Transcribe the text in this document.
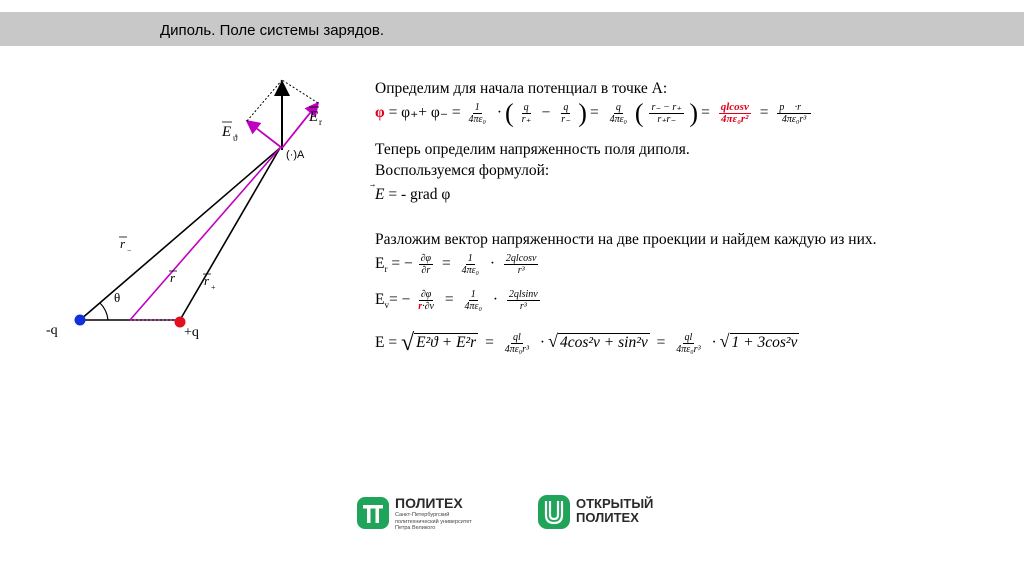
Диполь. Поле системы зарядов.
E ϑ
E r
(·)A
r −
r r +
θ
-q	+q
Определим для начала потенциал в точке А:
$\varphi = \varphi_++ \varphi_- = \frac{1}{\text{4πε₀}}$ · ( $\frac{q}{r_+} - \frac{q}{r_-}$ ) = $\frac{q}{\text{4πε₀}}$ ( $\frac{r_- - r_+}{r_+r_-}$ ) = $\frac{qlcosv}{\text{4πε₀r²}} = \frac{p⃗ \cdot r⃗}{\text{4πε₀r³}}$
Теперь определим напряженность поля диполя.
Воспользуемся формулой:
E = - grad φ
Разложим вектор напряженности на две проекции и найдем каждую из них.
$E_r$ = − $\frac{\partial\varphi}{\partial r} = \frac{1}{\text{4πε₀}} \cdot \frac{2qlcosv}{\text{r³}}$
$E_v= - \frac{\partial\varphi}{r\cdot\partial v} = \frac{1}{\text{4πε₀}} \cdot \frac{2qlsinv}{\text{r³}}$
E = √ $E^2ϑ + E^2r = \frac{ql}{\text{4πε₀r³}}$ · √ $4\cos^2v + \sin^2v = \frac{ql}{\text{4πε₀r³}}$ · √ 1 + 3cos²v
ПОЛИТЕХ
Санкт-Петербургский
политехнический университет
Петра Великого
ОТКРЫТЫЙ
ПОЛИТЕХ
